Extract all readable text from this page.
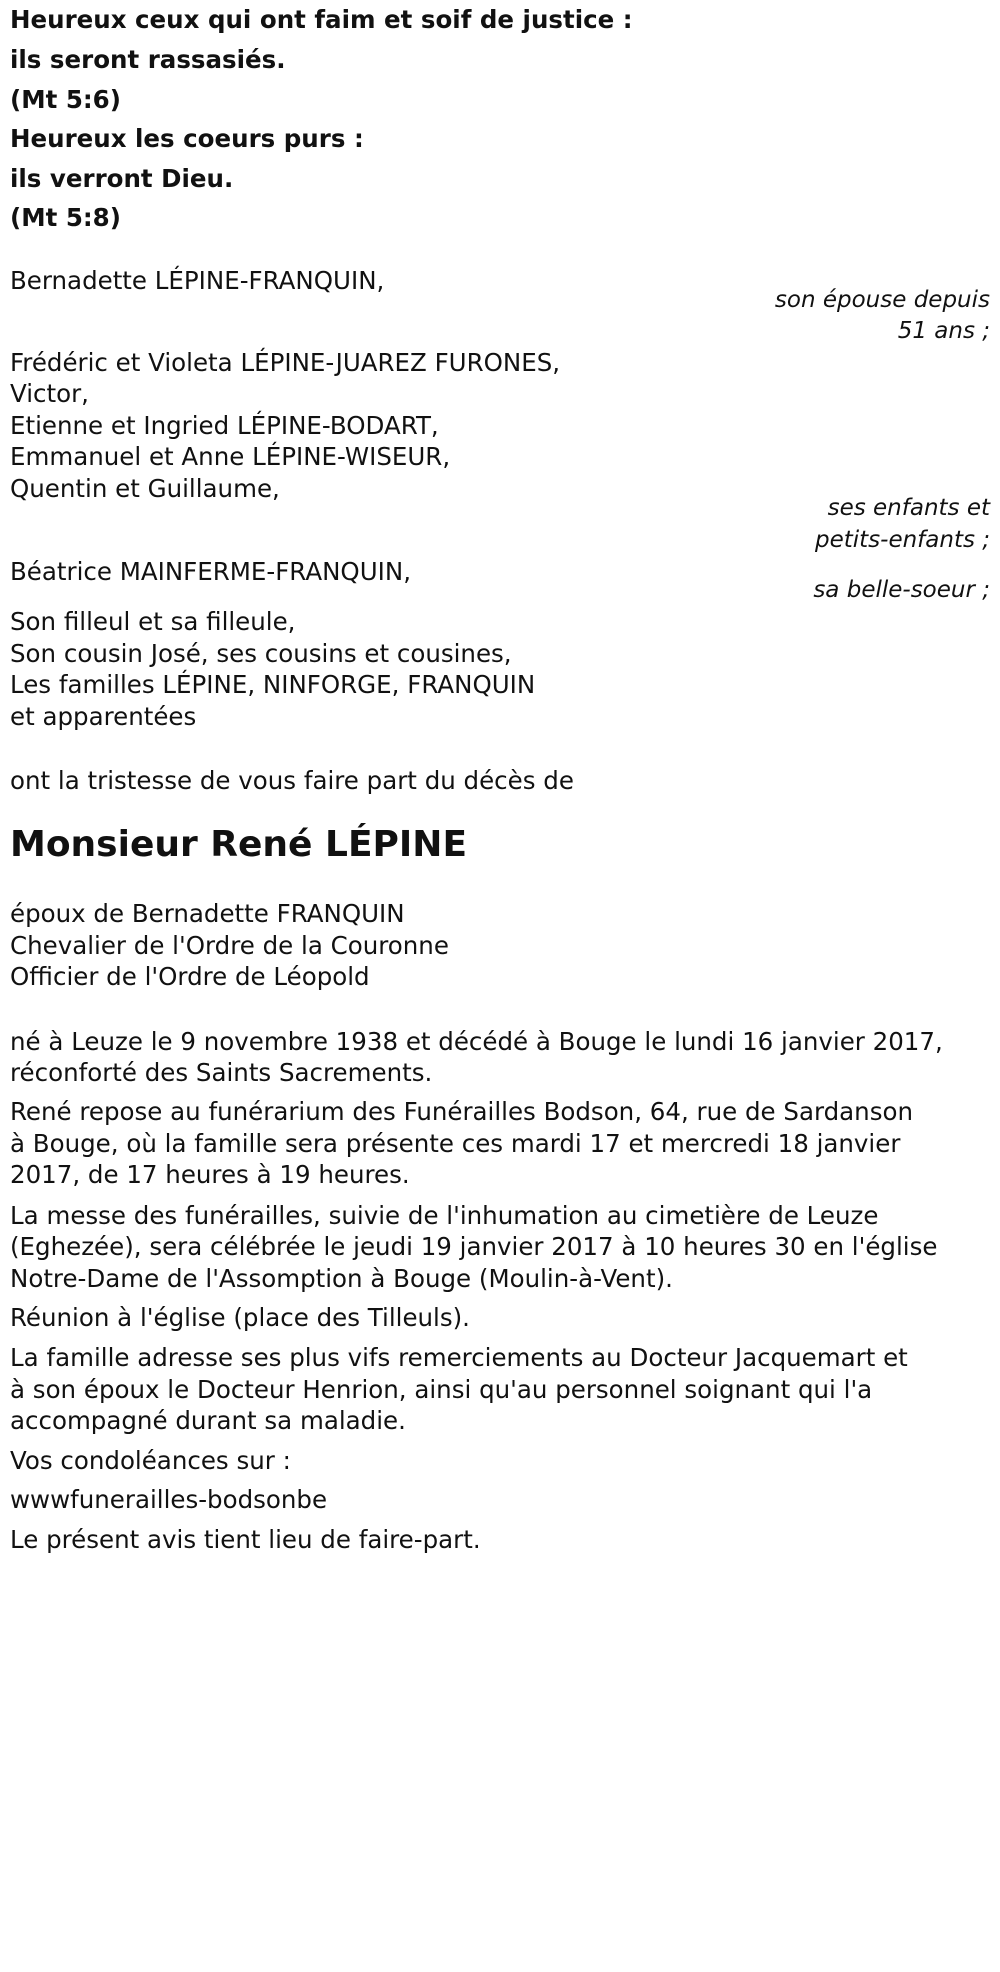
Heureux ceux qui ont faim et soif de justice :
ils seront rassasiés.
(Mt 5:6)
Heureux les coeurs purs :
ils verront Dieu.
(Mt 5:8)
Bernadette LÉPINE-FRANQUIN,
son épouse depuis
51 ans ;
Frédéric et Violeta LÉPINE-JUAREZ FURONES,
Victor,
Etienne et Ingried LÉPINE-BODART,
Emmanuel et Anne LÉPINE-WISEUR,
Quentin et Guillaume,
ses enfants et
petits-enfants ;
Béatrice MAINFERME-FRANQUIN,
sa belle-soeur ;
Son filleul et sa filleule,
Son cousin José, ses cousins et cousines,
Les familles LÉPINE, NINFORGE, FRANQUIN
et apparentées
ont la tristesse de vous faire part du décès de
Monsieur René LÉPINE
époux de Bernadette FRANQUIN
Chevalier de l'Ordre de la Couronne
Officier de l'Ordre de Léopold
né à Leuze le 9 novembre 1938 et décédé à Bouge le lundi 16 janvier 2017,
réconforté des Saints Sacrements.
René repose au funérarium des Funérailles Bodson, 64, rue de Sardanson
à Bouge, où la famille sera présente ces mardi 17 et mercredi 18 janvier
2017, de 17 heures à 19 heures.
La messe des funérailles, suivie de l'inhumation au cimetière de Leuze
(Eghezée), sera célébrée le jeudi 19 janvier 2017 à 10 heures 30 en l'église
Notre-Dame de l'Assomption à Bouge (Moulin-à-Vent).
Réunion à l'église (place des Tilleuls).
La famille adresse ses plus vifs remerciements au Docteur Jacquemart et
à son époux le Docteur Henrion, ainsi qu'au personnel soignant qui l'a
accompagné durant sa maladie.
Vos condoléances sur :
wwwfunerailles-bodsonbe
Le présent avis tient lieu de faire-part.
